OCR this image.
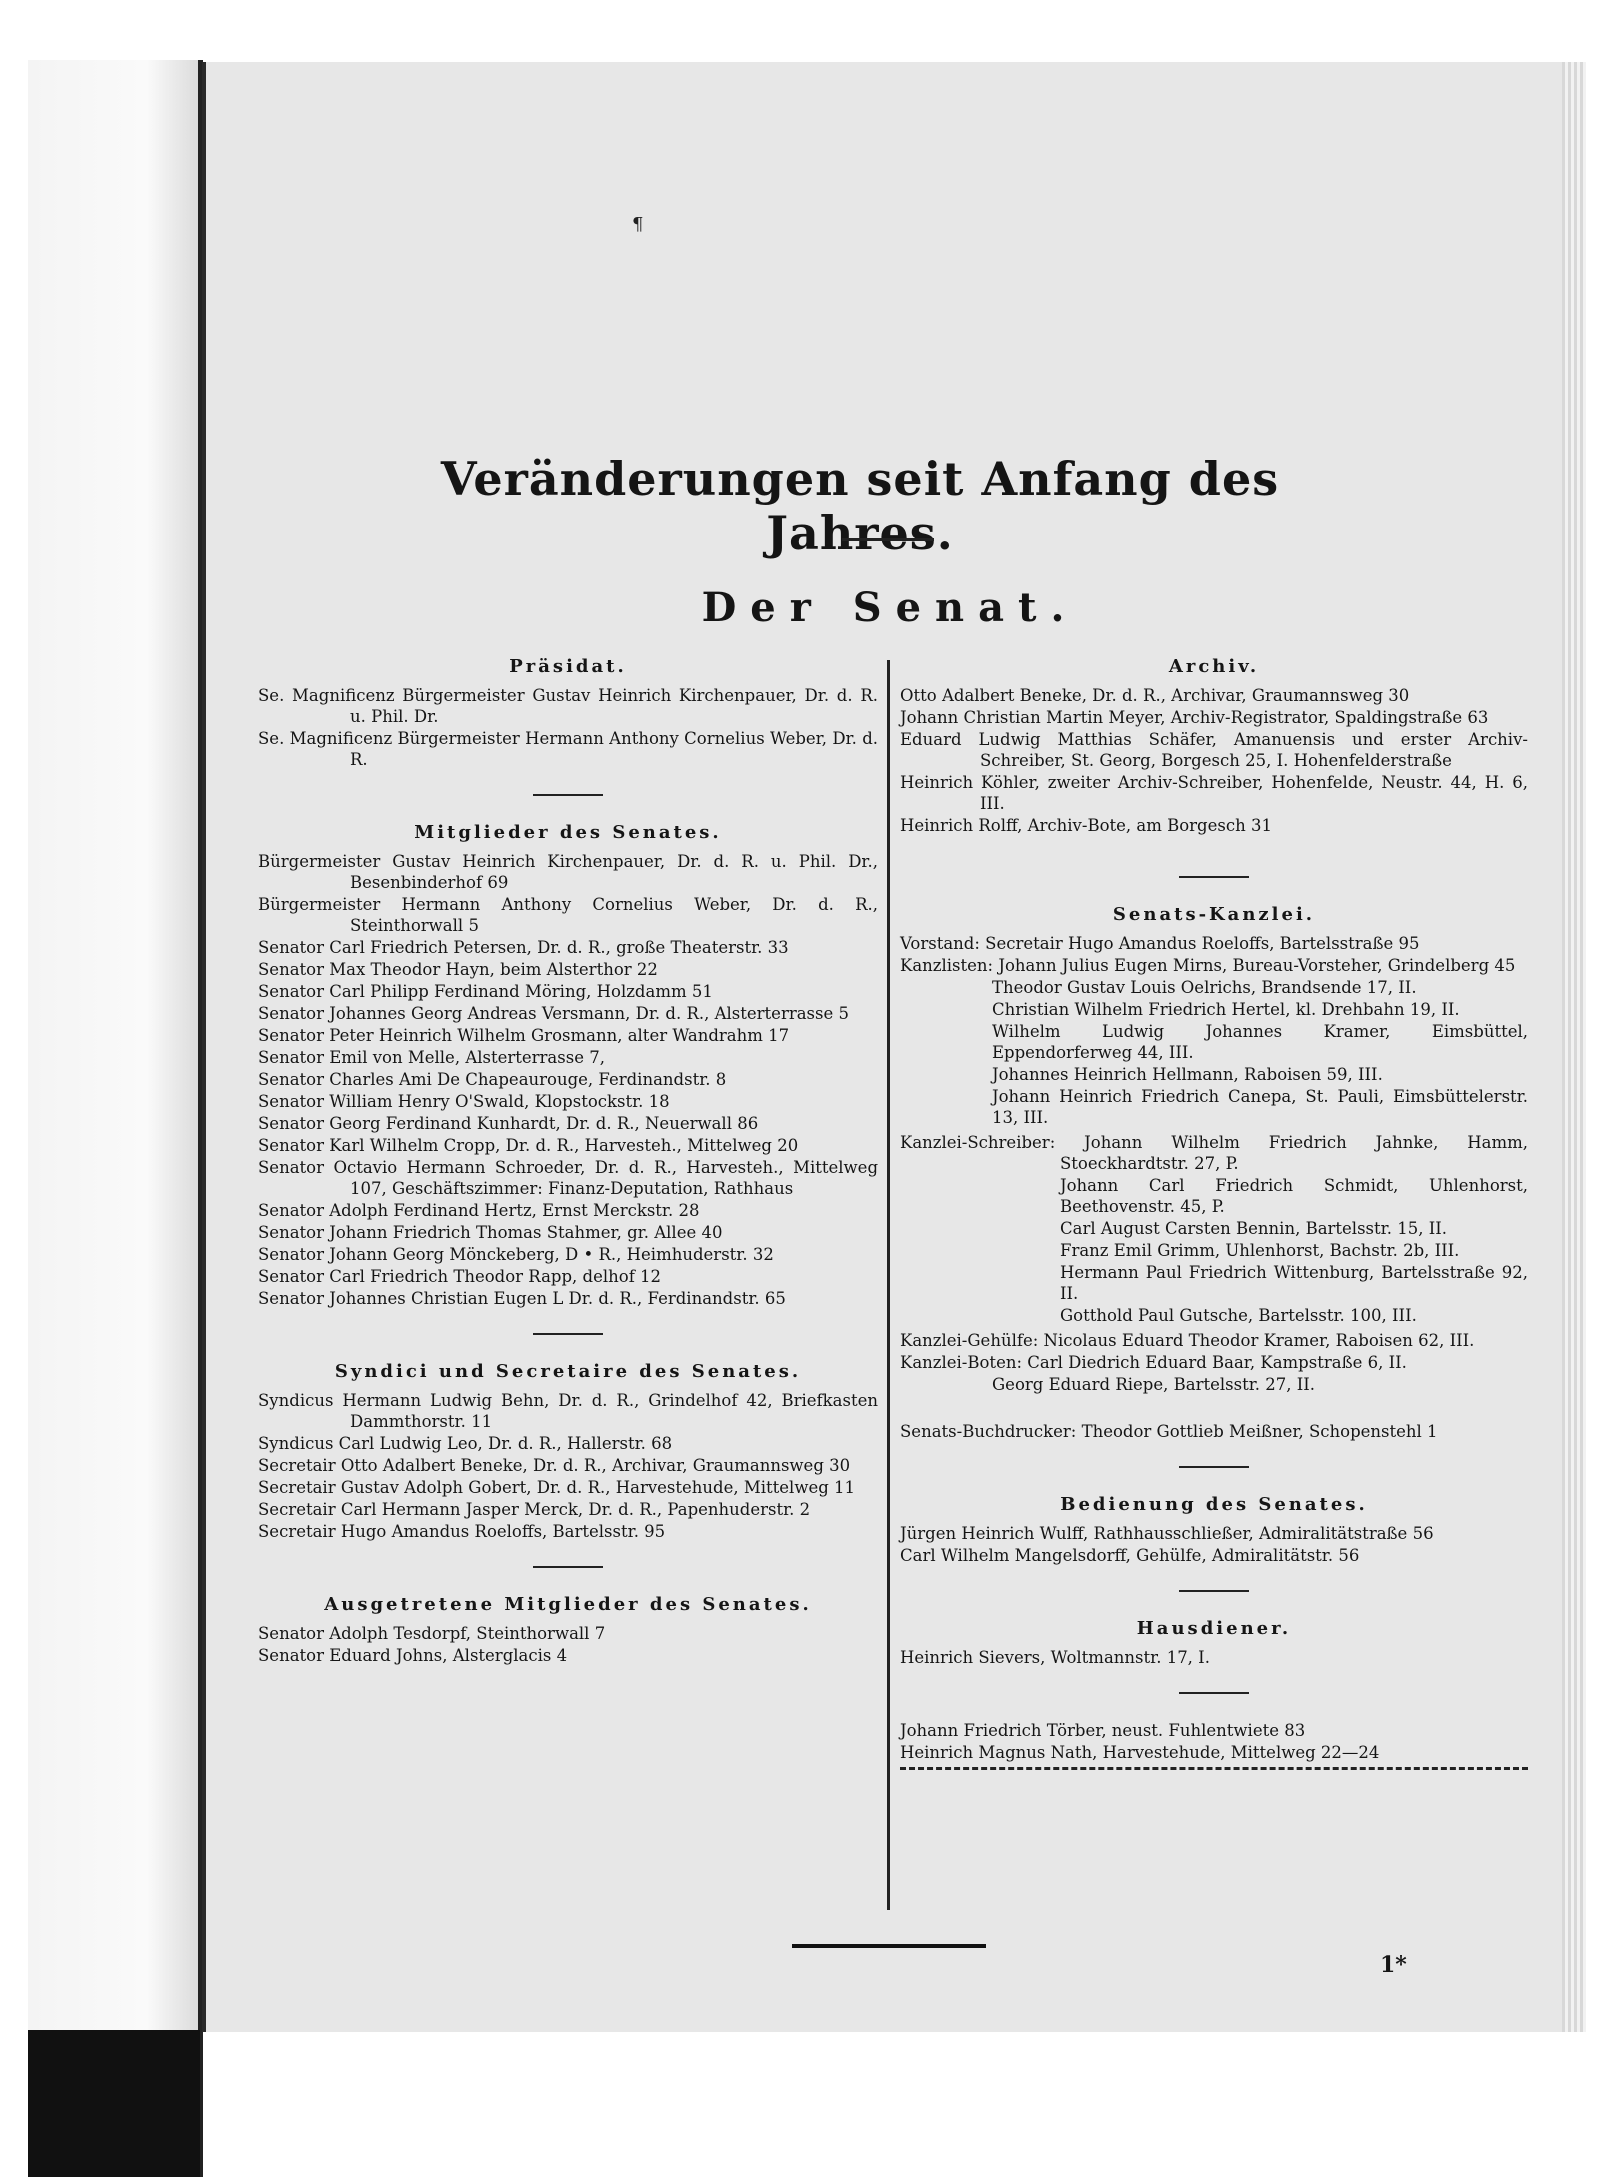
¶
Veränderungen seit Anfang des Jahres.
Der Senat.
Präsidat.

Se. Magnificenz Bürgermeister Gustav Heinrich Kirchenpauer, Dr. d. R. u. Phil. Dr.

Se. Magnificenz Bürgermeister Hermann Anthony Cornelius Weber, Dr. d. R.

Mitglieder des Senates.

Bürgermeister Gustav Heinrich Kirchenpauer, Dr. d. R. u. Phil. Dr., Besenbinderhof 69

Bürgermeister Hermann Anthony Cornelius Weber, Dr. d. R., Steinthorwall 5

Senator Carl Friedrich Petersen, Dr. d. R., große Theaterstr. 33

Senator Max Theodor Hayn, beim Alsterthor 22

Senator Carl Philipp Ferdinand Möring, Holzdamm 51

Senator Johannes Georg Andreas Versmann, Dr. d. R., Alsterterrasse 5

Senator Peter Heinrich Wilhelm Grosmann, alter Wandrahm 17

Senator Emil von Melle, Alsterterrasse 7,

Senator Charles Ami De Chapeaurouge, Ferdinandstr. 8

Senator William Henry O'Swald, Klopstockstr. 18

Senator Georg Ferdinand Kunhardt, Dr. d. R., Neuerwall 86

Senator Karl Wilhelm Cropp, Dr. d. R., Harvesteh., Mittelweg 20

Senator Octavio Hermann Schroeder, Dr. d. R., Harvesteh., Mittelweg 107, Geschäftszimmer: Finanz-Deputation, Rathhaus

Senator Adolph Ferdinand Hertz, Ernst Merckstr. 28

Senator Johann Friedrich Thomas Stahmer, gr. Allee 40

Senator Johann Georg Mönckeberg, D • R., Heimhuderstr. 32

Senator Carl Friedrich Theodor Rapp, delhof 12

Senator Johannes Christian Eugen L Dr. d. R., Ferdinandstr. 65

Syndici und Secretaire des Senates.

Syndicus Hermann Ludwig Behn, Dr. d. R., Grindelhof 42, Briefkasten Dammthorstr. 11

Syndicus Carl Ludwig Leo, Dr. d. R., Hallerstr. 68

Secretair Otto Adalbert Beneke, Dr. d. R., Archivar, Graumannsweg 30

Secretair Gustav Adolph Gobert, Dr. d. R., Harvestehude, Mittelweg 11

Secretair Carl Hermann Jasper Merck, Dr. d. R., Papenhuderstr. 2

Secretair Hugo Amandus Roeloffs, Bartelsstr. 95

Ausgetretene Mitglieder des Senates.

Senator Adolph Tesdorpf, Steinthorwall 7

Senator Eduard Johns, Alsterglacis 4

Archiv.

Otto Adalbert Beneke, Dr. d. R., Archivar, Graumannsweg 30

Johann Christian Martin Meyer, Archiv-Registrator, Spaldingstraße 63

Eduard Ludwig Matthias Schäfer, Amanuensis und erster Archiv-Schreiber, St. Georg, Borgesch 25, I. Hohenfelderstraße

Heinrich Köhler, zweiter Archiv-Schreiber, Hohenfelde, Neustr. 44, H. 6, III.

Heinrich Rolff, Archiv-Bote, am Borgesch 31

Senats-Kanzlei.

Vorstand: Secretair Hugo Amandus Roeloffs, Bartelsstraße 95

Kanzlisten: Johann Julius Eugen Mirns, Bureau-Vorsteher, Grindelberg 45

Theodor Gustav Louis Oelrichs, Brandsende 17, II.

Christian Wilhelm Friedrich Hertel, kl. Drehbahn 19, II.

Wilhelm Ludwig Johannes Kramer, Eimsbüttel, Eppendorferweg 44, III.

Johannes Heinrich Hellmann, Raboisen 59, III.

Johann Heinrich Friedrich Canepa, St. Pauli, Eimsbüttelerstr. 13, III.

Kanzlei-Schreiber: Johann Wilhelm Friedrich Jahnke, Hamm, Stoeckhardtstr. 27, P.

Johann Carl Friedrich Schmidt, Uhlenhorst, Beethovenstr. 45, P.

Carl August Carsten Bennin, Bartelsstr. 15, II.

Franz Emil Grimm, Uhlenhorst, Bachstr. 2b, III.

Hermann Paul Friedrich Wittenburg, Bartelsstraße 92, II.

Gotthold Paul Gutsche, Bartelsstr. 100, III.

Kanzlei-Gehülfe: Nicolaus Eduard Theodor Kramer, Raboisen 62, III.

Kanzlei-Boten: Carl Diedrich Eduard Baar, Kampstraße 6, II.

Georg Eduard Riepe, Bartelsstr. 27, II.

Senats-Buchdrucker: Theodor Gottlieb Meißner, Schopenstehl 1

Bedienung des Senates.

Jürgen Heinrich Wulff, Rathhausschließer, Admiralitätstraße 56

Carl Wilhelm Mangelsdorff, Gehülfe, Admiralitätstr. 56

Hausdiener.

Heinrich Sievers, Woltmannstr. 17, I.

Johann Friedrich Törber, neust. Fuhlentwiete 83

Heinrich Magnus Nath, Harvestehude, Mittelweg 22—24

1*
